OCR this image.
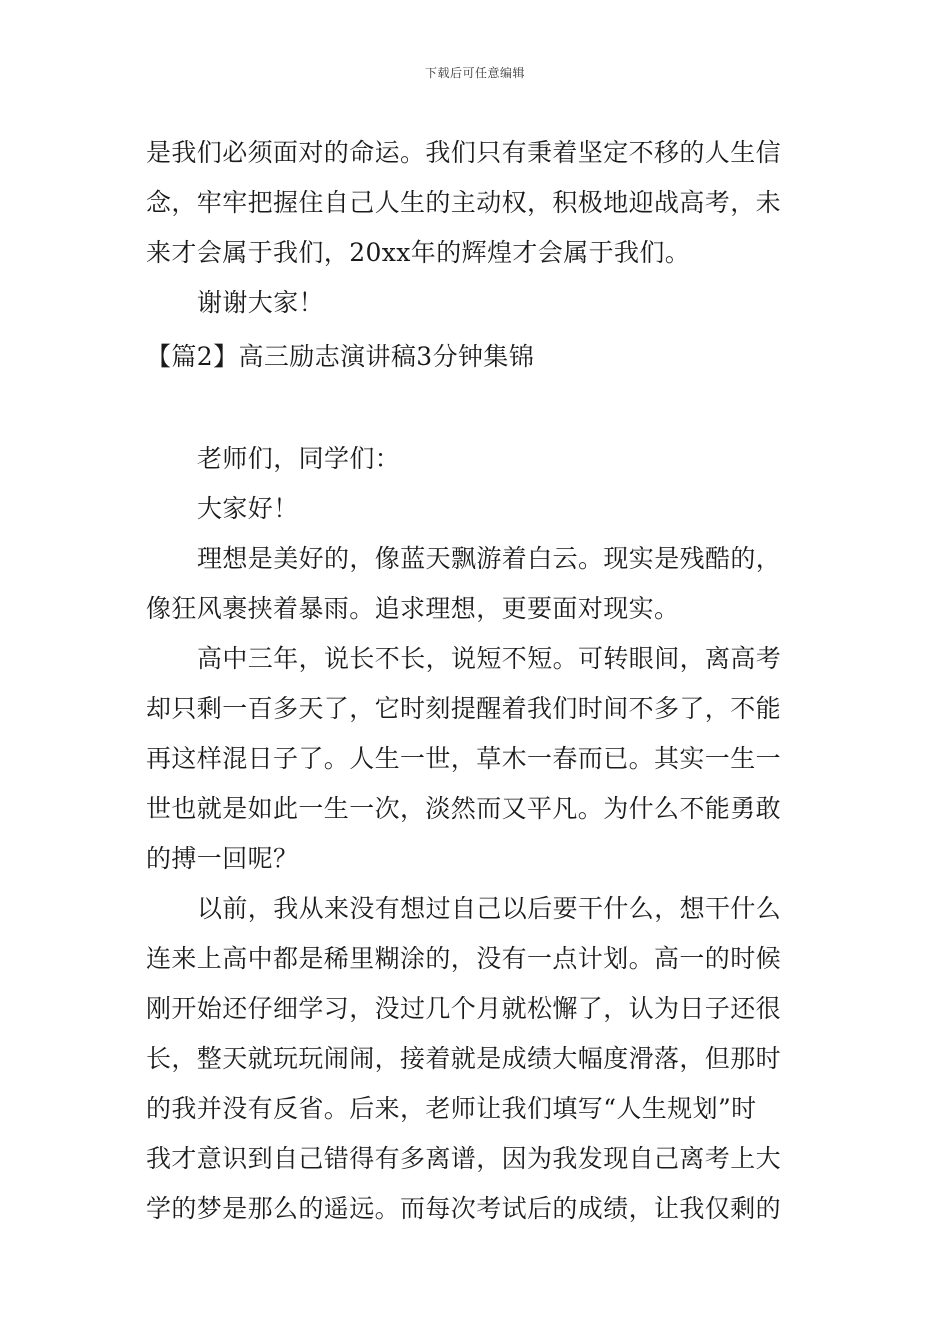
下载后可任意编辑
是我们必须面对的命运。我们只有秉着坚定不移的人生信
念，牢牢把握住自己人生的主动权，积极地迎战高考，未
来才会属于我们，20xx年的辉煌才会属于我们。
谢谢大家！
【篇2】高三励志演讲稿3分钟集锦
老师们，同学们：
大家好！
理想是美好的，像蓝天飘游着白云。现实是残酷的，
像狂风裹挟着暴雨。追求理想，更要面对现实。
高中三年，说长不长，说短不短。可转眼间，离高考
却只剩一百多天了，它时刻提醒着我们时间不多了，不能
再这样混日子了。人生一世，草木一春而已。其实一生一
世也就是如此一生一次，淡然而又平凡。为什么不能勇敢
的搏一回呢？
以前，我从来没有想过自己以后要干什么，想干什么
连来上高中都是稀里糊涂的，没有一点计划。高一的时候
刚开始还仔细学习，没过几个月就松懈了，认为日子还很
长，整天就玩玩闹闹，接着就是成绩大幅度滑落，但那时
的我并没有反省。后来，老师让我们填写“人生规划”时
我才意识到自己错得有多离谱，因为我发现自己离考上大
学的梦是那么的遥远。而每次考试后的成绩，让我仅剩的
